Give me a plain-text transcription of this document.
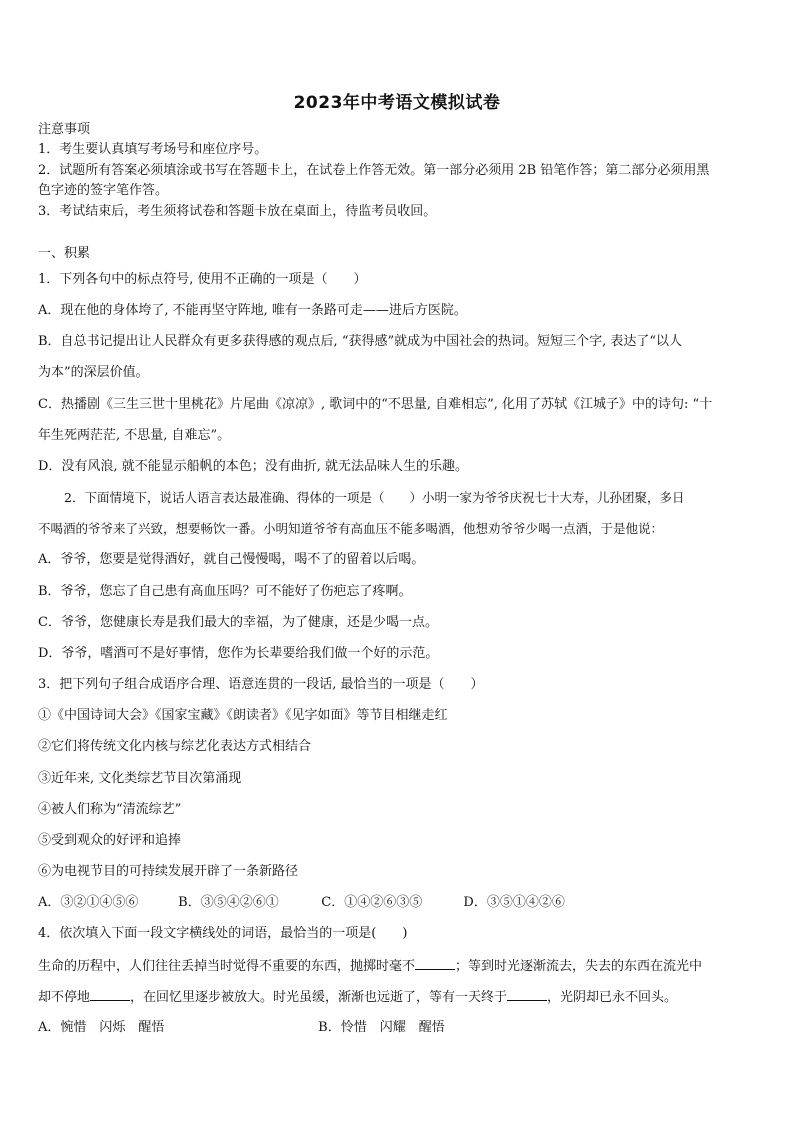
2023年中考语文模拟试卷
注意事项
1．考生要认真填写考场号和座位序号。
2．试题所有答案必须填涂或书写在答题卡上，在试卷上作答无效。第一部分必须用 2B 铅笔作答；第二部分必须用黑
色字迹的签字笔作答。
3．考试结束后，考生须将试卷和答题卡放在桌面上，待监考员收回。
一、积累
1．下列各句中的标点符号, 使用不正确的一项是（　　）
A．现在他的身体垮了, 不能再坚守阵地, 唯有一条路可走——进后方医院。
B．自总书记提出让人民群众有更多获得感的观点后, “获得感”就成为中国社会的热词。短短三个字, 表达了“以人
为本”的深层价值。
C．热播剧《三生三世十里桃花》片尾曲《凉凉》, 歌词中的“不思量, 自难相忘”, 化用了苏轼《江城子》中的诗句: “十
年生死两茫茫, 不思量, 自难忘”。
D．没有风浪, 就不能显示船帆的本色；没有曲折, 就无法品味人生的乐趣。
2．下面情境下，说话人语言表达最准确、得体的一项是（　　）小明一家为爷爷庆祝七十大寿，儿孙团聚，多日
不喝酒的爷爷来了兴致，想要畅饮一番。小明知道爷爷有高血压不能多喝酒，他想劝爷爷少喝一点酒，于是他说：
A．爷爷，您要是觉得酒好，就自己慢慢喝，喝不了的留着以后喝。
B．爷爷，您忘了自己患有高血压吗？可不能好了伤疤忘了疼啊。
C．爷爷，您健康长寿是我们最大的幸福，为了健康，还是少喝一点。
D．爷爷，嗜酒可不是好事情，您作为长辈要给我们做一个好的示范。
3．把下列句子组合成语序合理、语意连贯的一段话, 最恰当的一项是（　　）
①《中国诗词大会》《国家宝藏》《朗读者》《见字如面》等节目相继走红
②它们将传统文化内核与综艺化表达方式相结合
③近年来, 文化类综艺节目次第涌现
④被人们称为“清流综艺”
⑤受到观众的好评和追捧
⑥为电视节目的可持续发展开辟了一条新路径
A．③②①④⑤⑥	B．③⑤④②⑥①	C．①④②⑥③⑤	D．③⑤①④②⑥
4．依次填入下面一段文字横线处的词语，最恰当的一项是(　　)
生命的历程中，人们往往丢掉当时觉得不重要的东西，抛掷时毫不	；等到时光逐渐流去，失去的东西在流光中
却不停地	，在回忆里逐步被放大。时光虽缓，渐渐也远逝了，等有一天终于	，光阴却已永不回头。
A．惋惜　闪烁　醒悟	B．怜惜　闪耀　醒悟
